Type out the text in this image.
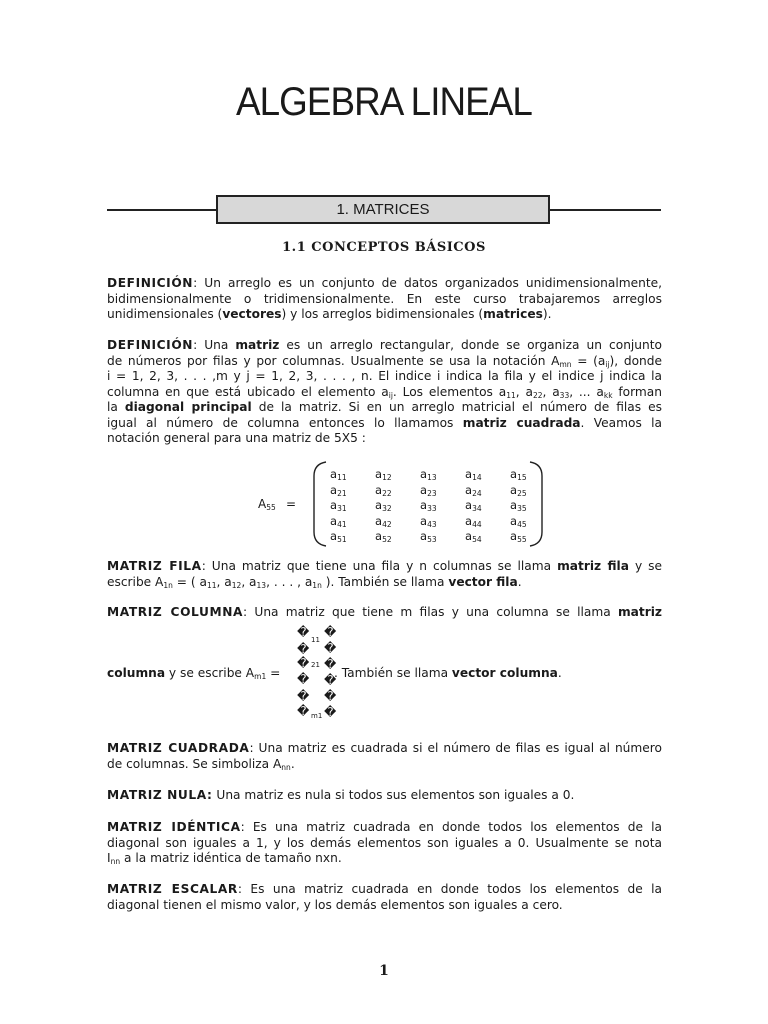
ALGEBRA LINEAL
1. MATRICES
1.1 CONCEPTOS BÁSICOS
DEFINICIÓN: Un arreglo es un conjunto de datos organizados unidimensionalmente,
bidimensionalmente o tridimensionalmente. En este curso trabajaremos arreglos
unidimensionales (vectores) y los arreglos bidimensionales (matrices).
DEFINICIÓN: Una matriz es un arreglo rectangular, donde se organiza un conjunto
de números por filas y por columnas. Usualmente se usa la notación $A_{mn} = (a_{ij})$, donde
i = 1, 2, 3, . . . ,m y j = 1, 2, 3, . . . , n. El indice i indica la fila y el indice j indica la
columna en que está ubicado el elemento $a_{ij}$. Los elementos $a_{11}$, $a_{22}$, $a_{33}$, ... $a_{kk}$ forman
la diagonal principal de la matriz. Si en un arreglo matricial el número de filas es
igual al número de columna entonces lo llamamos matriz cuadrada. Veamos la
notación general para una matriz de 5X5 :
$A_{55}$ =
$a_{11}$ $a_{12}$ $a_{13}$ $a_{14}$ $a_{15}$
$a_{21}$ $a_{22}$ $a_{23}$ $a_{24}$ $a_{25}$
$a_{31}$ $a_{32}$ $a_{33}$ $a_{34}$ $a_{35}$
$a_{41}$ $a_{42}$ $a_{43}$ $a_{44}$ $a_{45}$
$a_{51}$ $a_{52}$ $a_{53}$ $a_{54}$ $a_{55}$
MATRIZ FILA: Una matriz que tiene una fila y n columnas se llama matriz fila y se
escribe $A_{1n}$ = ( $a_{11}$, $a_{12}$, $a_{13}$, . . . , $a_{1n}$ ). También se llama vector fila.
MATRIZ COLUMNA: Una matriz que tiene m filas y una columna se llama matriz
columna y se escribe $A_{m1}$ =	. También se llama vector columna.
�
11
�
� 21
�
�
� m1
�
�
�
�
�
�
MATRIZ CUADRADA: Una matriz es cuadrada si el número de filas es igual al número
de columnas. Se simboliza $A_{nn}$.
MATRIZ NULA: Una matriz es nula si todos sus elementos son iguales a 0.
MATRIZ IDÉNTICA: Es una matriz cuadrada en donde todos los elementos de la
diagonal son iguales a 1, y los demás elementos son iguales a 0. Usualmente se nota
$I_{nn}$ a la matriz idéntica de tamaño nxn.
MATRIZ ESCALAR: Es una matriz cuadrada en donde todos los elementos de la
diagonal tienen el mismo valor, y los demás elementos son iguales a cero.
1
